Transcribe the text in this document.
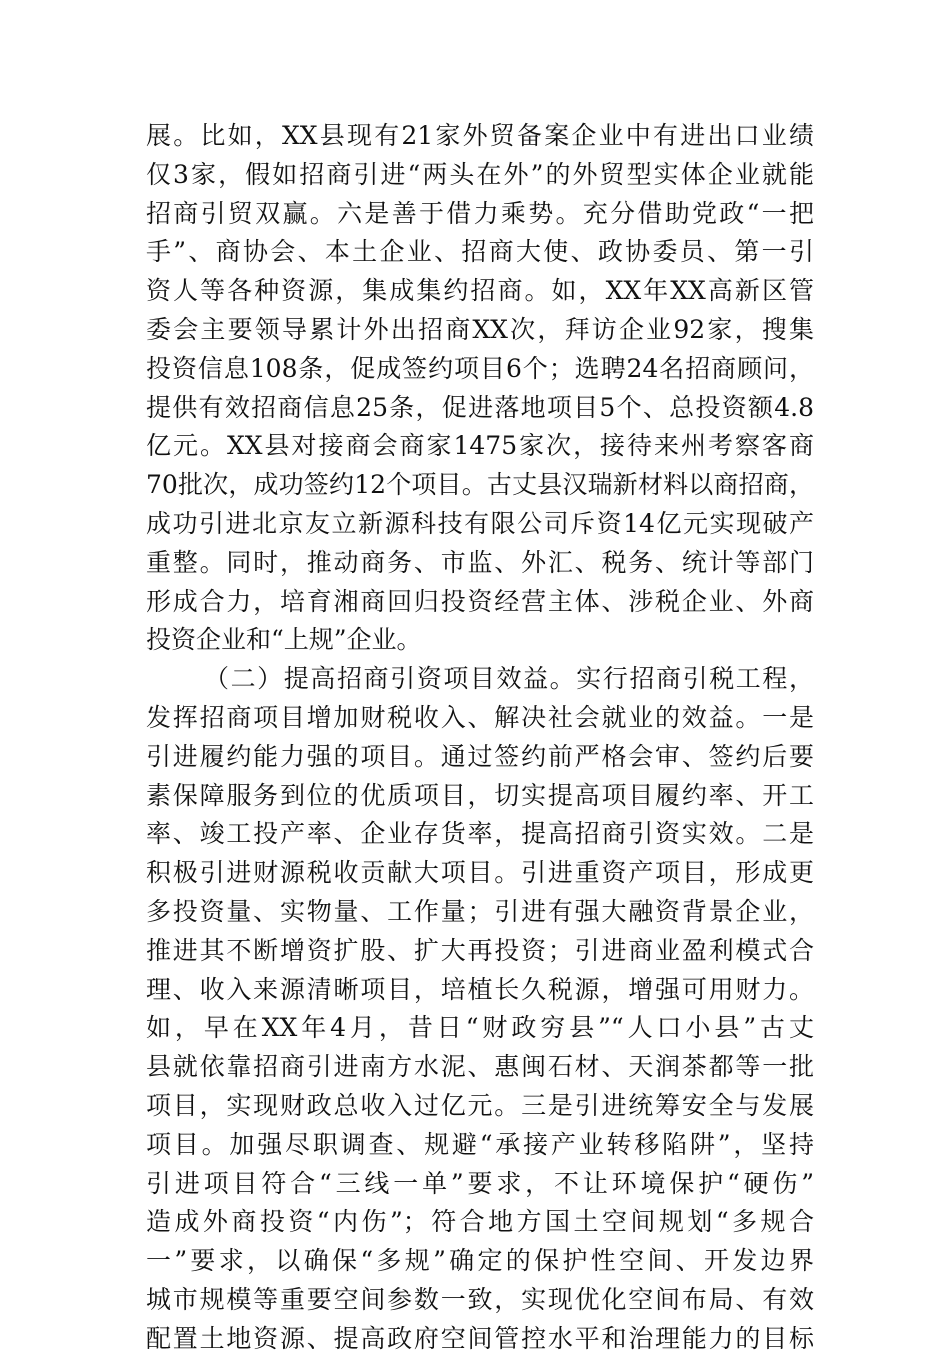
展。比如，XX县现有21家外贸备案企业中有进出口业绩
仅3家，假如招商引进“两头在外”的外贸型实体企业就能
招商引贸双赢。六是善于借力乘势。充分借助党政“一把
手”、商协会、本土企业、招商大使、政协委员、第一引
资人等各种资源，集成集约招商。如，XX年XX高新区管
委会主要领导累计外出招商XX次，拜访企业92家，搜集
投资信息108条，促成签约项目6个；选聘24名招商顾问，
提供有效招商信息25条，促进落地项目5个、总投资额4.8
亿元。XX县对接商会商家1475家次，接待来州考察客商
70批次，成功签约12个项目。古丈县汉瑞新材料以商招商，
成功引进北京友立新源科技有限公司斥资14亿元实现破产
重整。同时，推动商务、市监、外汇、税务、统计等部门
形成合力，培育湘商回归投资经营主体、涉税企业、外商
投资企业和“上规”企业。
（二）提高招商引资项目效益。实行招商引税工程，
发挥招商项目增加财税收入、解决社会就业的效益。一是
引进履约能力强的项目。通过签约前严格会审、签约后要
素保障服务到位的优质项目，切实提高项目履约率、开工
率、竣工投产率、企业存货率，提高招商引资实效。二是
积极引进财源税收贡献大项目。引进重资产项目，形成更
多投资量、实物量、工作量；引进有强大融资背景企业，
推进其不断增资扩股、扩大再投资；引进商业盈利模式合
理、收入来源清晰项目，培植长久税源，增强可用财力。
如，早在XX年4月，昔日“财政穷县”“人口小县”古丈
县就依靠招商引进南方水泥、惠闽石材、天润茶都等一批
项目，实现财政总收入过亿元。三是引进统筹安全与发展
项目。加强尽职调查、规避“承接产业转移陷阱”，坚持
引进项目符合“三线一单”要求，不让环境保护“硬伤”
造成外商投资“内伤”；符合地方国土空间规划“多规合
一”要求，以确保“多规”确定的保护性空间、开发边界
城市规模等重要空间参数一致，实现优化空间布局、有效
配置土地资源、提高政府空间管控水平和治理能力的目标
